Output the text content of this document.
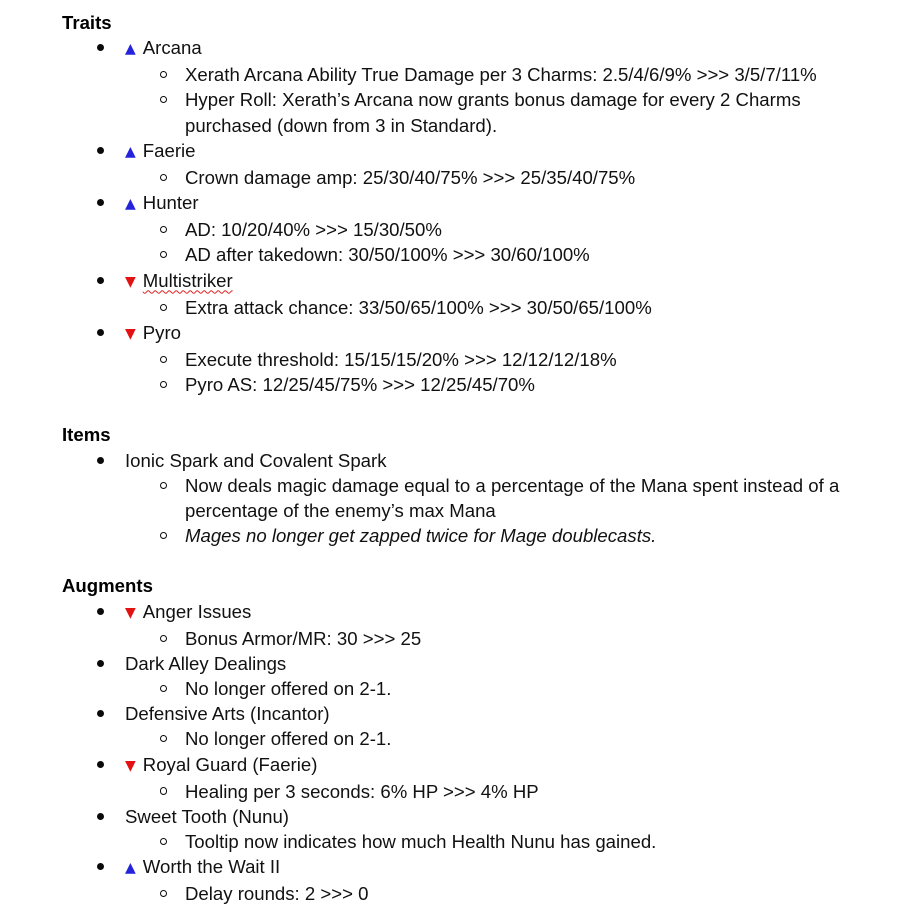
Traits
▲ Arcana
Xerath Arcana Ability True Damage per 3 Charms: 2.5/4/6/9% >>> 3/5/7/11%
Hyper Roll: Xerath’s Arcana now grants bonus damage for every 2 Charms purchased (down from 3 in Standard).
▲ Faerie
Crown damage amp: 25/30/40/75% >>> 25/35/40/75%
▲ Hunter
AD: 10/20/40% >>> 15/30/50%
AD after takedown: 30/50/100% >>> 30/60/100%
▼ Multistriker
Extra attack chance: 33/50/65/100% >>> 30/50/65/100%
▼ Pyro
Execute threshold: 15/15/15/20% >>> 12/12/12/18%
Pyro AS: 12/25/45/75% >>> 12/25/45/70%
Items
Ionic Spark and Covalent Spark
Now deals magic damage equal to a percentage of the Mana spent instead of a percentage of the enemy’s max Mana
Mages no longer get zapped twice for Mage doublecasts.
Augments
▼ Anger Issues
Bonus Armor/MR: 30 >>> 25
Dark Alley Dealings
No longer offered on 2-1.
Defensive Arts (Incantor)
No longer offered on 2-1.
▼ Royal Guard (Faerie)
Healing per 3 seconds: 6% HP >>> 4% HP
Sweet Tooth (Nunu)
Tooltip now indicates how much Health Nunu has gained.
▲ Worth the Wait II
Delay rounds: 2 >>> 0
